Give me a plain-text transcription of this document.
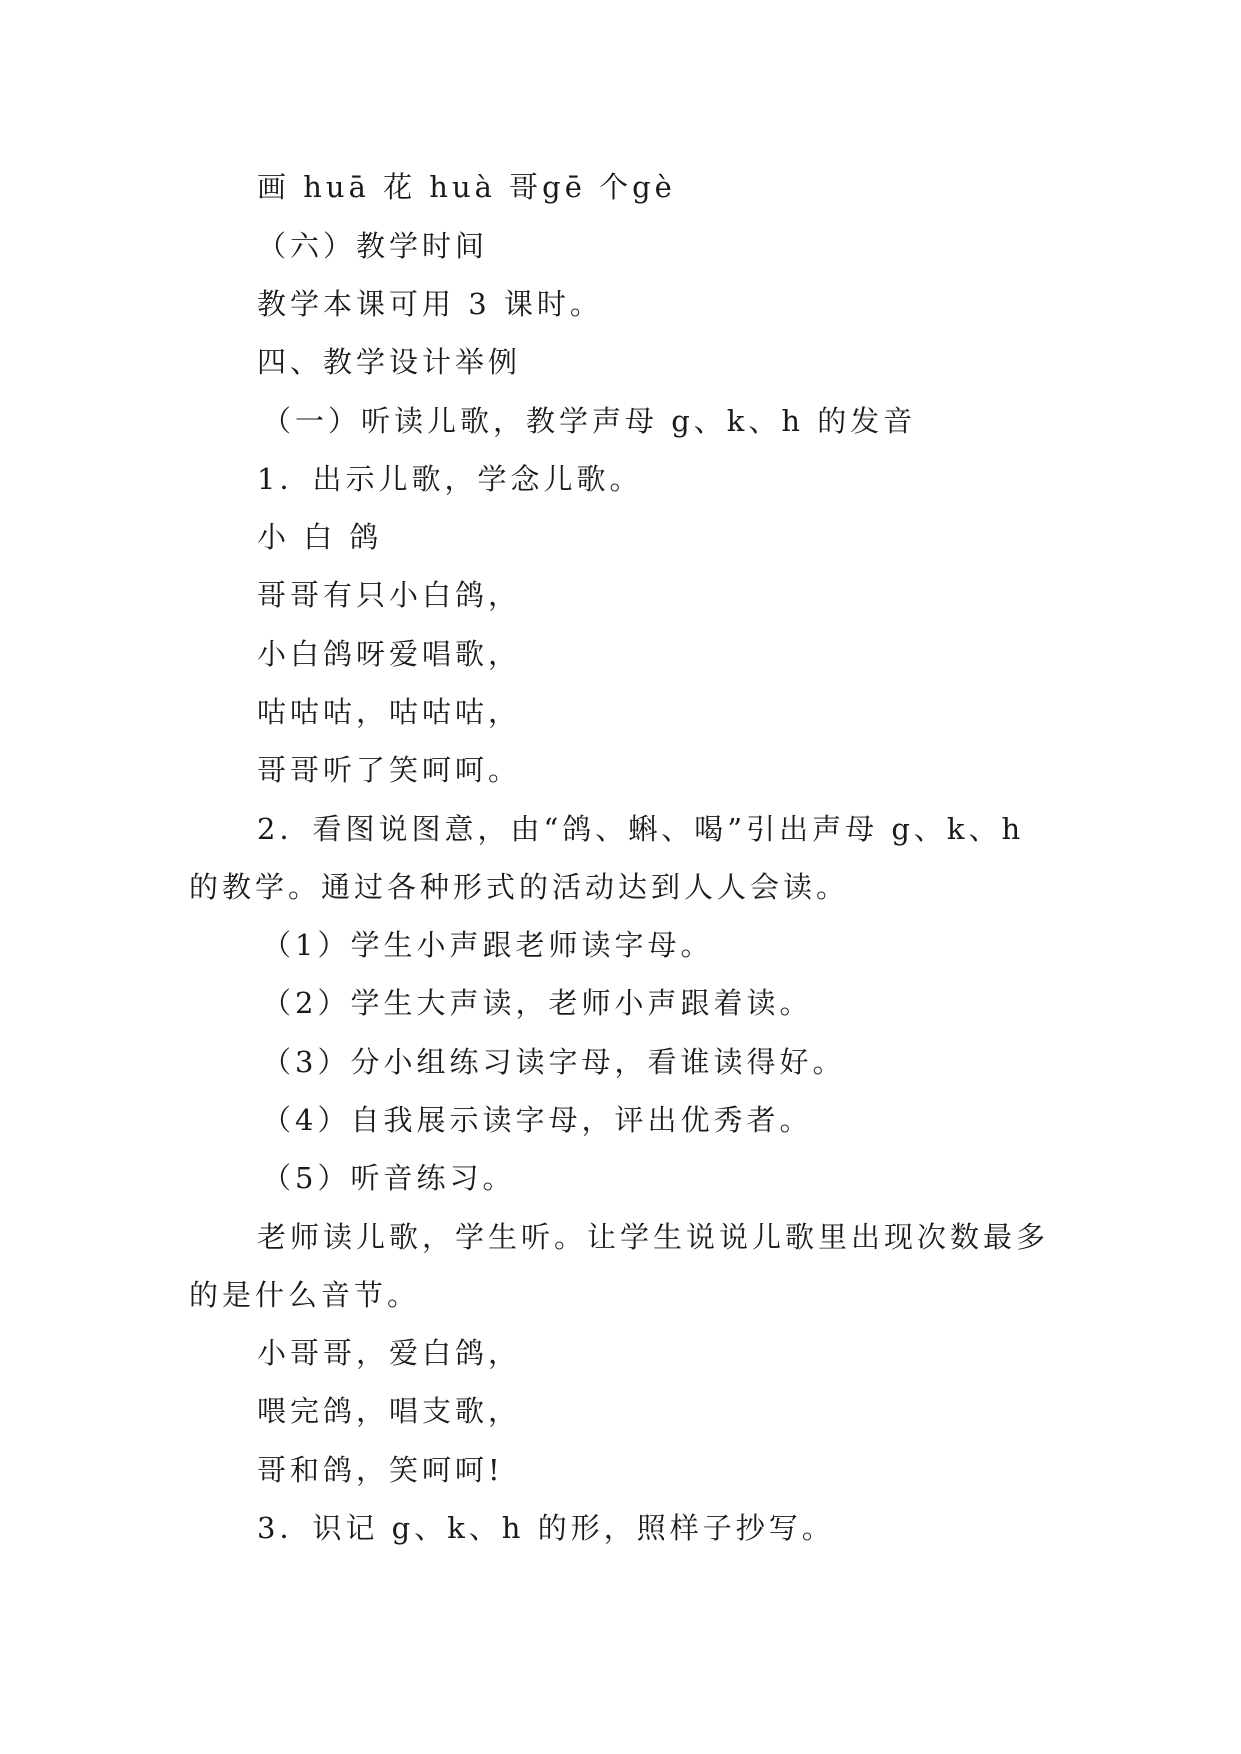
画 huā 花 huà 哥gē 个gè
（六）教学时间
教学本课可用 3 课时。
四、教学设计举例
（一）听读儿歌，教学声母 g、k、h 的发音
1．出示儿歌，学念儿歌。
小 白 鸽
哥哥有只小白鸽，
小白鸽呀爱唱歌，
咕咕咕，咕咕咕，
哥哥听了笑呵呵。
2．看图说图意，由“鸽、蝌、喝”引出声母 g、k、h
的教学。通过各种形式的活动达到人人会读。
（1）学生小声跟老师读字母。
（2）学生大声读，老师小声跟着读。
（3）分小组练习读字母，看谁读得好。
（4）自我展示读字母，评出优秀者。
（5）听音练习。
老师读儿歌，学生听。让学生说说儿歌里出现次数最多
的是什么音节。
小哥哥，爱白鸽，
喂完鸽，唱支歌，
哥和鸽，笑呵呵!
3．识记 g、k、h 的形，照样子抄写。
